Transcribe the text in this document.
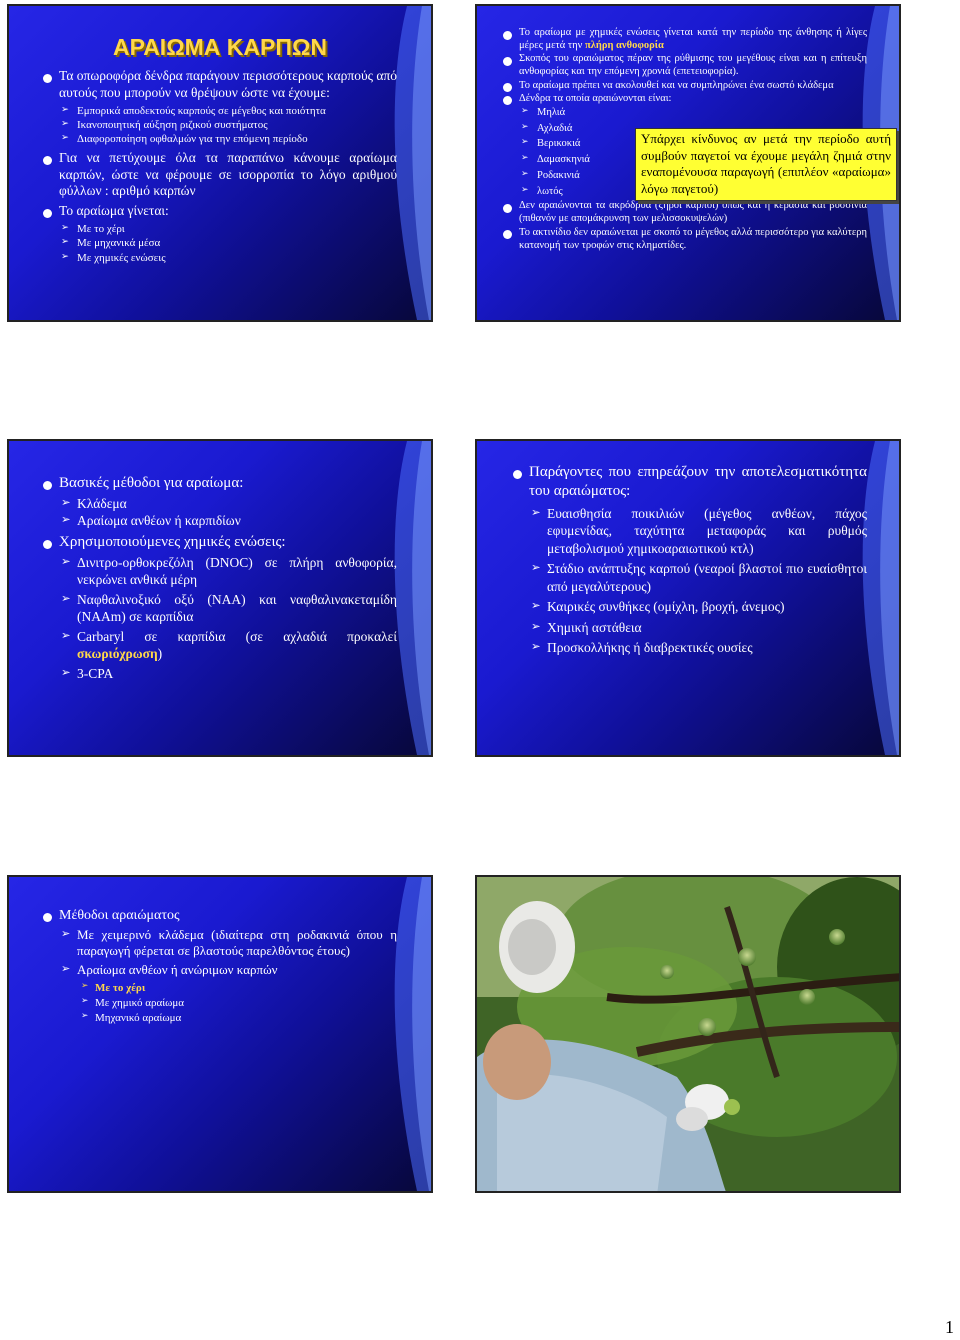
ΑΡΑΙΩΜΑ ΚΑΡΠΩΝ
Τα οπωροφόρα δένδρα παράγουν περισσότερους καρπούς από αυτούς που μπορούν να θρέψουν ώστε να έχουμε:
➢ Εμπορικά αποδεκτούς καρπούς σε μέγεθος και ποιότητα
➢ Ικανοποιητική αύξηση ριζικού συστήματος
➢ Διαφοροποίηση οφθαλμών για την επόμενη περίοδο
Για να πετύχουμε όλα τα παραπάνω κάνουμε αραίωμα καρπών, ώστε να φέρουμε σε ισορροπία το λόγο αριθμού φύλλων : αριθμό καρπών
Το αραίωμα γίνεται:
➢ Με το χέρι
➢ Με μηχανικά μέσα
➢ Με χημικές ενώσεις
Το αραίωμα με χημικές ενώσεις γίνεται κατά την περίοδο της άνθησης ή λίγες μέρες μετά την πλήρη ανθοφορία
Σκοπός του αραιώματος πέραν της ρύθμισης του μεγέθους είναι και η επίτευξη ανθοφορίας και την επόμενη χρονιά (επετειοφορία).
Το αραίωμα πρέπει να ακολουθεί και να συμπληρώνει ένα σωστό κλάδεμα
Δένδρα τα οποία αραιώνονται είναι:
➢ Μηλιά
➢ Αχλαδιά
➢ Βερικοκιά
➢ Δαμασκηνιά
➢ Ροδακινιά
➢ λωτός
Δεν αραιώνονται τα ακρόδρυα (ξηροί καρποί) όπως και η κερασιά και βυσσινιά (πιθανόν με απομάκρυνση των μελισσοκυψελών)
Το ακτινίδιο δεν αραιώνεται με σκοπό το μέγεθος αλλά περισσότερο για καλύτερη κατανομή των τροφών στις κληματίδες.
Υπάρχει κίνδυνος αν μετά την περίοδο αυτή συμβούν παγετοί να έχουμε μεγάλη ζημιά στην εναπομένουσα παραγωγή (επιπλέον «αραίωμα» λόγω παγετού)
Βασικές μέθοδοι για αραίωμα:
➢ Κλάδεμα
➢ Αραίωμα ανθέων ή καρπιδίων
Χρησιμοποιούμενες χημικές ενώσεις:
➢ Δινιτρο-ορθοκρεζόλη (DNOC) σε πλήρη ανθοφορία, νεκρώνει ανθικά μέρη
➢ Ναφθαλινοξικό οξύ (ΝΑΑ) και ναφθαλινακεταμίδη (NAAm) σε καρπίδια
➢ Carbaryl σε καρπίδια (σε αχλαδιά προκαλεί σκωριόχρωση)
➢ 3-CPA
Παράγοντες που επηρεάζουν την αποτελεσματικότητα του αραιώματος:
➢ Ευαισθησία ποικιλιών (μέγεθος ανθέων, πάχος εφυμενίδας, ταχύτητα μεταφοράς και ρυθμός μεταβολισμού χημικοαραιωτικού κτλ)
➢ Στάδιο ανάπτυξης καρπού (νεαροί βλαστοί πιο ευαίσθητοι από μεγαλύτερους)
➢ Καιρικές συνθήκες (ομίχλη, βροχή, άνεμος)
➢ Χημική αστάθεια
➢ Προσκολλήκης ή διαβρεκτικές ουσίες
Μέθοδοι αραιώματος
➢ Με χειμερινό κλάδεμα (ιδιαίτερα στη ροδακινιά όπου η παραγωγή φέρεται σε βλαστούς παρελθόντος έτους)
➢ Αραίωμα ανθέων ή ανώριμων καρπών
➢ Με το χέρι
➢ Με χημικό αραίωμα
➢ Μηχανικό αραίωμα
1
